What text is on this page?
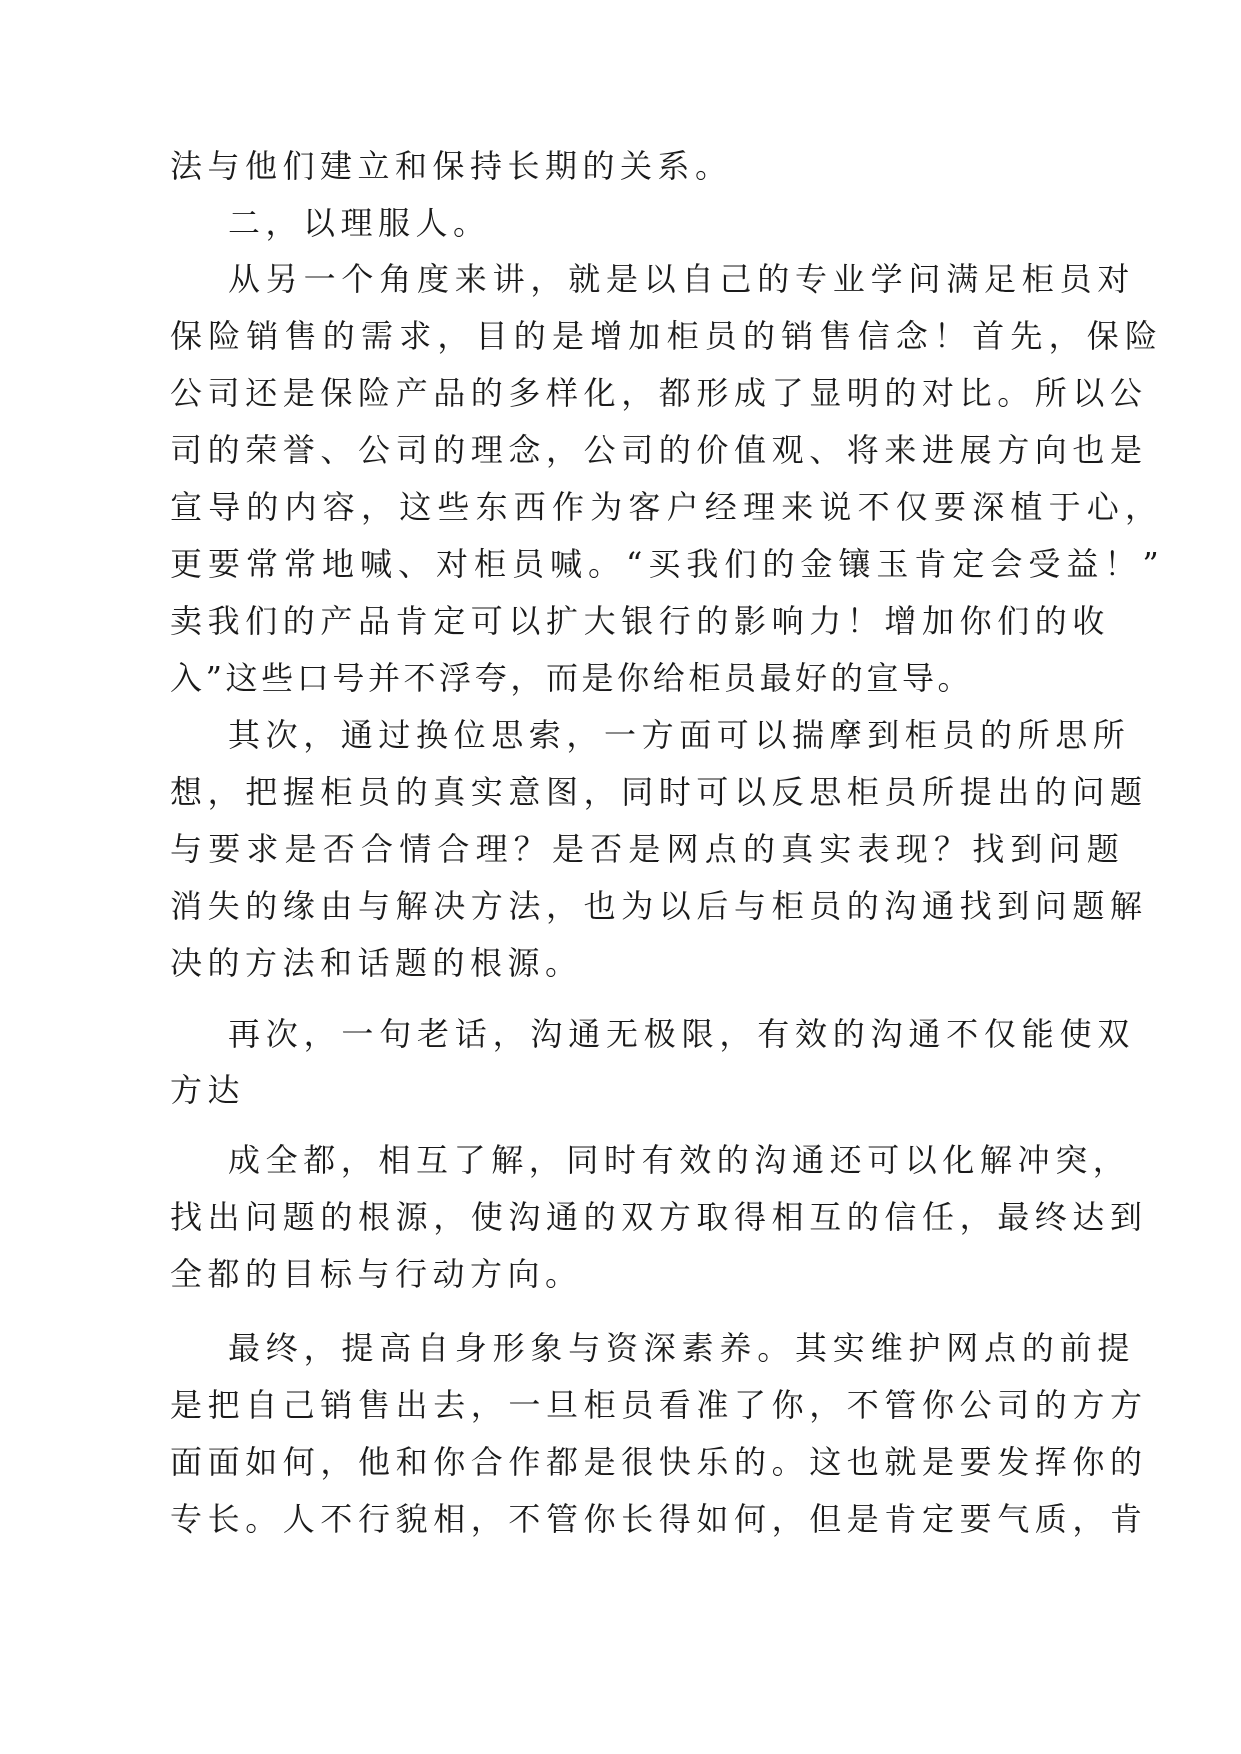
法与他们建立和保持长期的关系。
二，以理服人。
从另一个角度来讲，就是以自己的专业学问满足柜员对
保险销售的需求，目的是增加柜员的销售信念！首先，保险
公司还是保险产品的多样化，都形成了显明的对比。所以公
司的荣誉、公司的理念，公司的价值观、将来进展方向也是
宣导的内容，这些东西作为客户经理来说不仅要深植于心，
更要常常地喊、对柜员喊。“买我们的金镶玉肯定会受益！”
卖我们的产品肯定可以扩大银行的影响力！增加你们的收
入”这些口号并不浮夸，而是你给柜员最好的宣导。
其次，通过换位思索，一方面可以揣摩到柜员的所思所
想，把握柜员的真实意图，同时可以反思柜员所提出的问题
与要求是否合情合理？是否是网点的真实表现？找到问题
消失的缘由与解决方法，也为以后与柜员的沟通找到问题解
决的方法和话题的根源。
再次，一句老话，沟通无极限，有效的沟通不仅能使双
方达
成全都，相互了解，同时有效的沟通还可以化解冲突，
找出问题的根源，使沟通的双方取得相互的信任，最终达到
全都的目标与行动方向。
最终，提高自身形象与资深素养。其实维护网点的前提
是把自己销售出去，一旦柜员看准了你，不管你公司的方方
面面如何，他和你合作都是很快乐的。这也就是要发挥你的
专长。人不行貌相，不管你长得如何，但是肯定要气质，肯
